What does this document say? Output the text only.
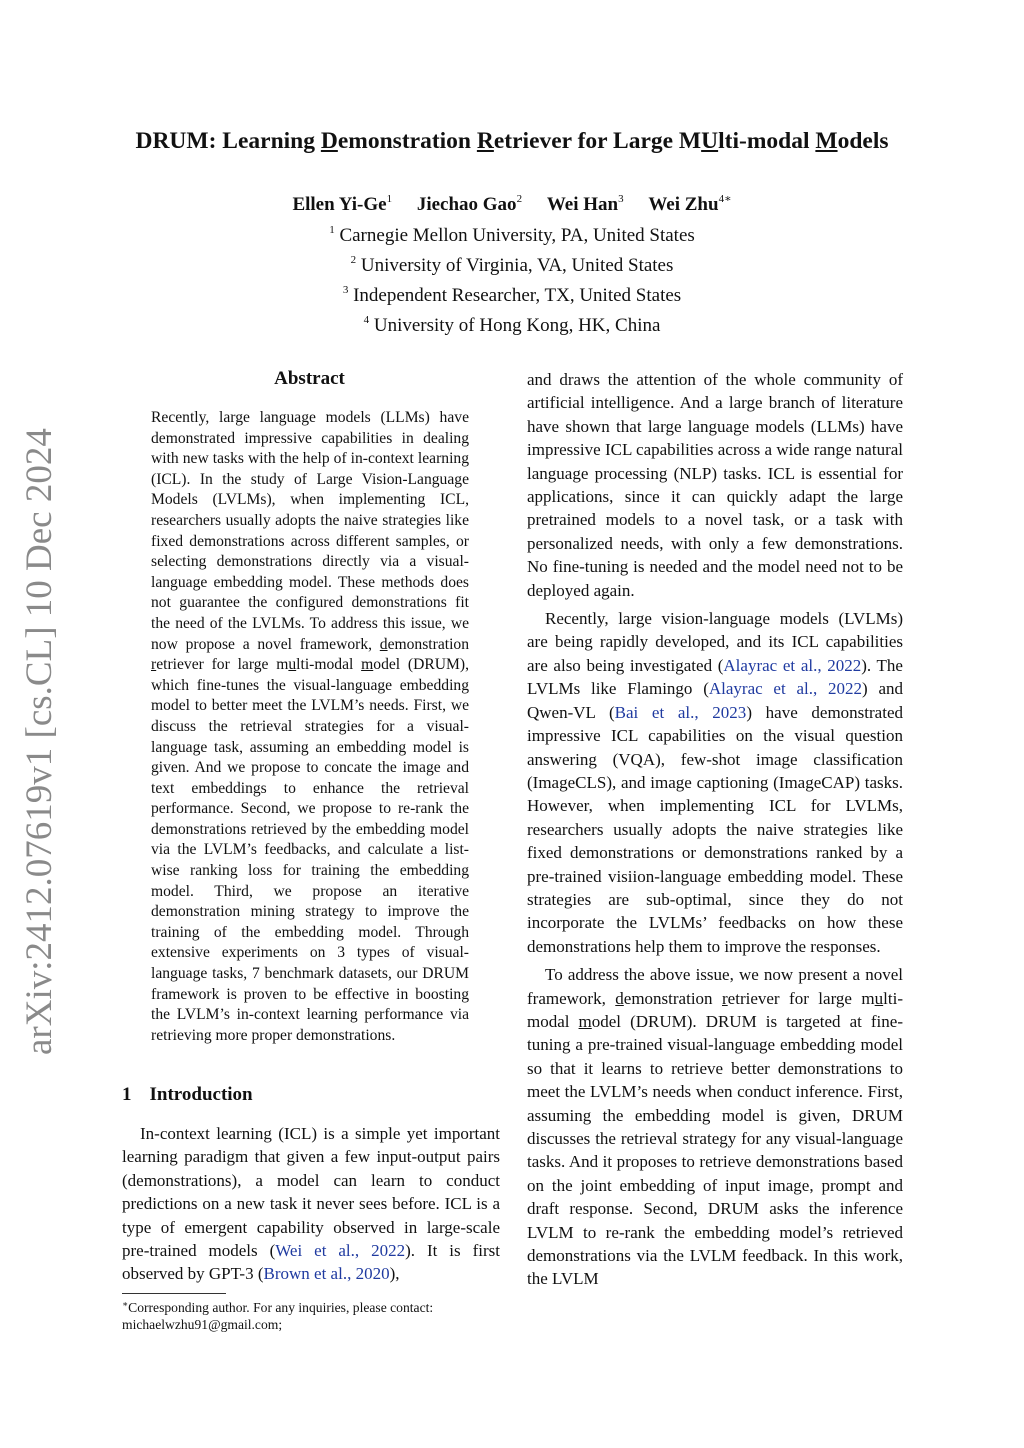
arXiv:2412.07619v1 [cs.CL] 10 Dec 2024
DRUM: Learning Demonstration Retriever for Large MUlti-modal Models
Ellen Yi-Ge$^1$ Jiechao Gao$^2$ Wei Han$^3$ Wei Zhu$^{4∗}$
$^1$ Carnegie Mellon University, PA, United States
$^2$ University of Virginia, VA, United States
$^3$ Independent Researcher, TX, United States
$^4$ University of Hong Kong, HK, China
Abstract
Recently, large language models (LLMs) have demonstrated impressive capabilities in dealing with new tasks with the help of in-context learning (ICL). In the study of Large Vision-Language Models (LVLMs), when implementing ICL, researchers usually adopts the naive strategies like fixed demonstrations across different samples, or selecting demonstrations directly via a visual-language embedding model. These methods does not guarantee the configured demonstrations fit the need of the LVLMs. To address this issue, we now propose a novel framework, demonstration retriever for large multi-modal model (DRUM), which fine-tunes the visual-language embedding model to better meet the LVLM’s needs. First, we discuss the retrieval strategies for a visual-language task, assuming an embedding model is given. And we propose to concate the image and text embeddings to enhance the retrieval performance. Second, we propose to re-rank the demonstrations retrieved by the embedding model via the LVLM’s feedbacks, and calculate a list-wise ranking loss for training the embedding model. Third, we propose an iterative demonstration mining strategy to improve the training of the embedding model. Through extensive experiments on 3 types of visual-language tasks, 7 benchmark datasets, our DRUM framework is proven to be effective in boosting the LVLM’s in-context learning performance via retrieving more proper demonstrations.
1 Introduction

In-context learning (ICL) is a simple yet important learning paradigm that given a few input-output pairs (demonstrations), a model can learn to conduct predictions on a new task it never sees before. ICL is a type of emergent capability observed in large-scale pre-trained models (Wei et al., 2022). It is first observed by GPT-3 (Brown et al., 2020),

∗Corresponding author. For any inquiries, please contact: michaelwzhu91@gmail.com;

and draws the attention of the whole community of artificial intelligence. And a large branch of literature have shown that large language models (LLMs) have impressive ICL capabilities across a wide range natural language processing (NLP) tasks. ICL is essential for applications, since it can quickly adapt the large pretrained models to a novel task, or a task with personalized needs, with only a few demonstrations. No fine-tuning is needed and the model need not to be deployed again.

Recently, large vision-language models (LVLMs) are being rapidly developed, and its ICL capabilities are also being investigated (Alayrac et al., 2022). The LVLMs like Flamingo (Alayrac et al., 2022) and Qwen-VL (Bai et al., 2023) have demonstrated impressive ICL capabilities on the visual question answering (VQA), few-shot image classification (ImageCLS), and image captioning (ImageCAP) tasks. However, when implementing ICL for LVLMs, researchers usually adopts the naive strategies like fixed demonstrations or demonstrations ranked by a pre-trained visiion-language embedding model. These strategies are sub-optimal, since they do not incorporate the LVLMs’ feedbacks on how these demonstrations help them to improve the responses.

To address the above issue, we now present a novel framework, demonstration retriever for large multi-modal model (DRUM). DRUM is targeted at fine-tuning a pre-trained visual-language embedding model so that it learns to retrieve better demonstrations to meet the LVLM’s needs when conduct inference. First, assuming the embedding model is given, DRUM discusses the retrieval strategy for any visual-language tasks. And it proposes to retrieve demonstrations based on the joint embedding of input image, prompt and draft response. Second, DRUM asks the inference LVLM to re-rank the embedding model’s retrieved demonstrations via the LVLM feedback. In this work, the LVLM
